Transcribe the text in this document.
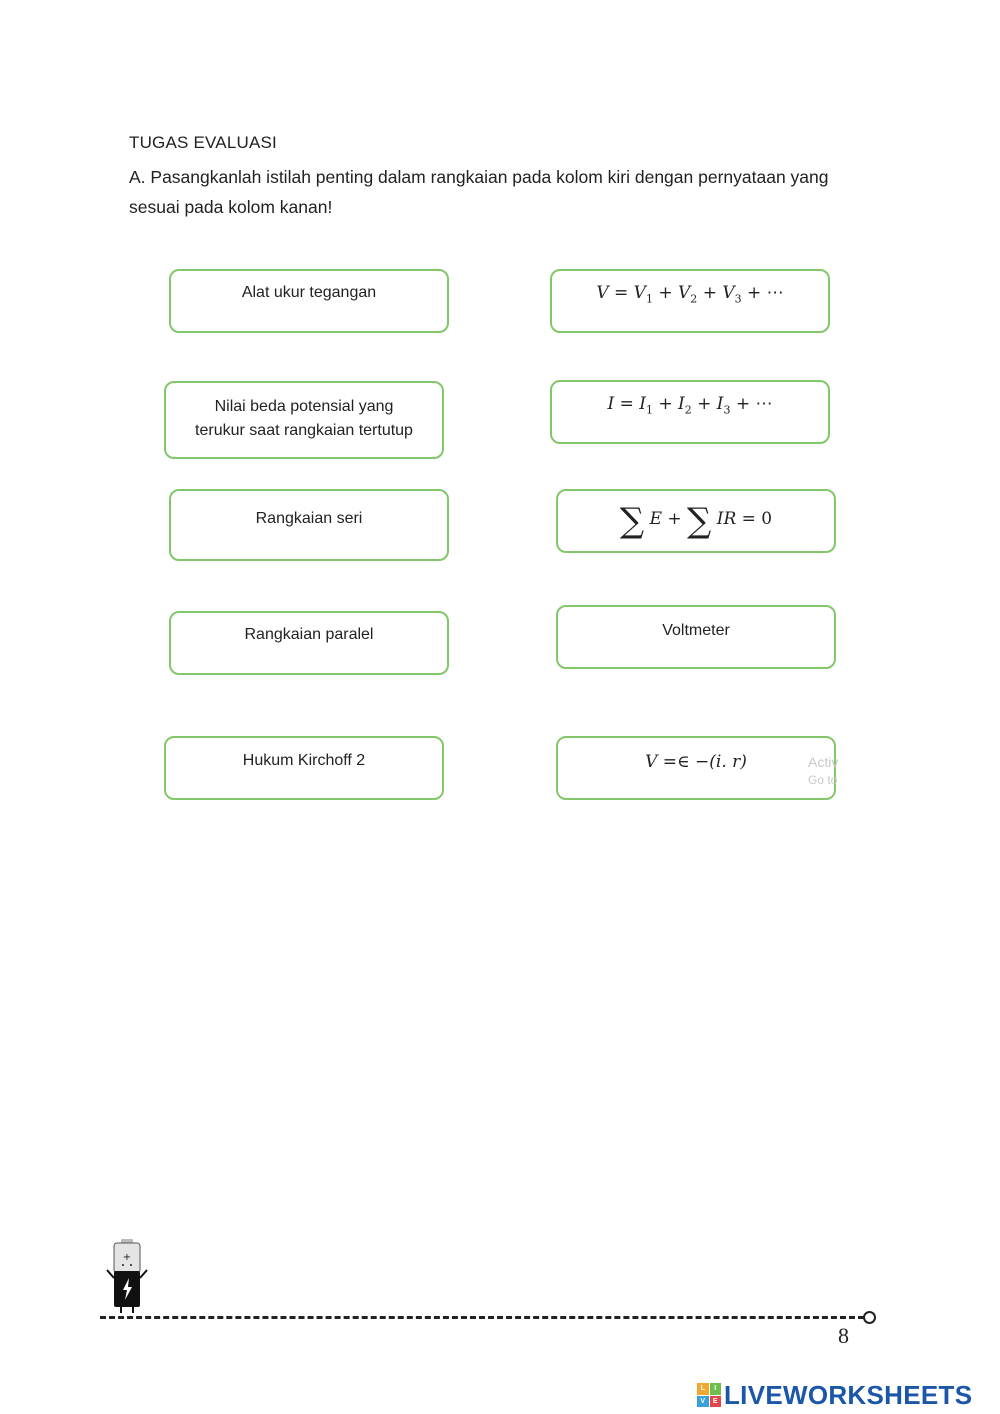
TUGAS EVALUASI
A. Pasangkanlah istilah penting dalam rangkaian pada kolom kiri dengan pernyataan yang sesuai pada kolom kanan!
Alat ukur tegangan
Nilai beda potensial yang
terukur saat rangkaian tertutup
Rangkaian seri
Rangkaian paralel
Hukum Kirchoff 2
$V = V_1 + V_2 + V_3$ + ⋯
$I = I_1 + I_2 + I_3$ + ⋯
∑ E + ∑ IR = 0
Voltmeter
V =∈ −(i. r)	Activ
Go to
+
8
L	I
V	E LIVEWORKSHEETS
